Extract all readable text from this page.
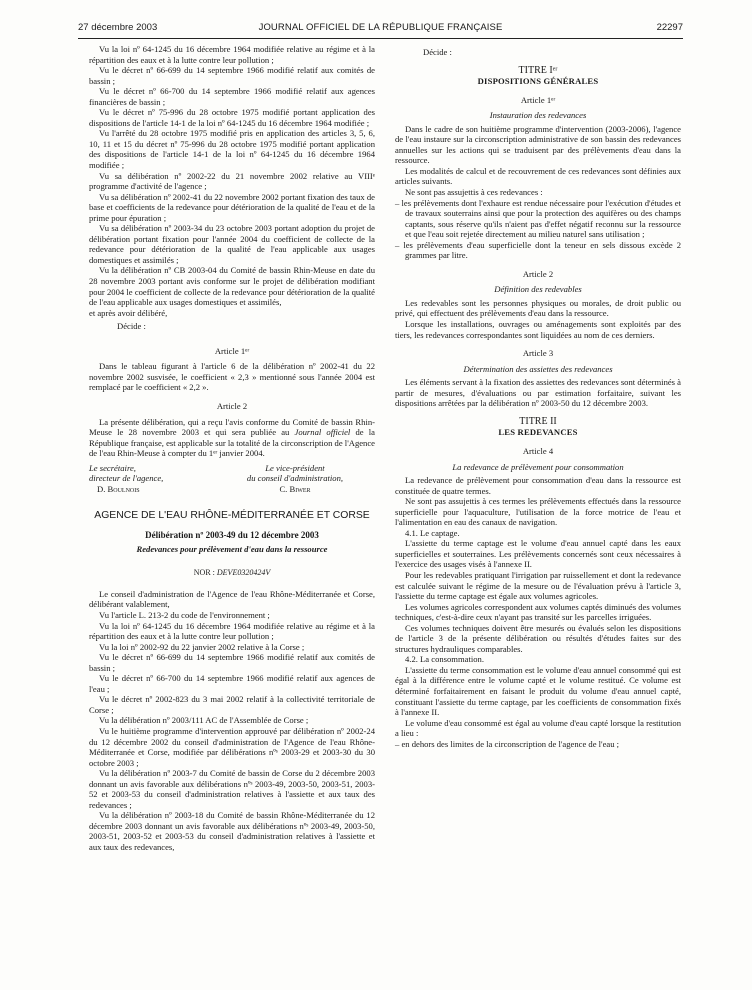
27 décembre 2003	JOURNAL OFFICIEL DE LA RÉPUBLIQUE FRANÇAISE	22297

Vu la loi nº 64-1245 du 16 décembre 1964 modifiée relative au régime et à la répartition des eaux et à la lutte contre leur pollution ;

Vu le décret nº 66-699 du 14 septembre 1966 modifié relatif aux comités de bassin ;

Vu le décret nº 66-700 du 14 septembre 1966 modifié relatif aux agences financières de bassin ;

Vu le décret nº 75-996 du 28 octobre 1975 modifié portant application des dispositions de l'article 14-1 de la loi nº 64-1245 du 16 décembre 1964 modifiée ;

Vu l'arrêté du 28 octobre 1975 modifié pris en application des articles 3, 5, 6, 10, 11 et 15 du décret nº 75-996 du 28 octobre 1975 modifié portant application des dispositions de l'article 14-1 de la loi nº 64-1245 du 16 décembre 1964 modifiée ;

Vu sa délibération nº 2002-22 du 21 novembre 2002 relative au VIIIᵉ programme d'activité de l'agence ;

Vu sa délibération nº 2002-41 du 22 novembre 2002 portant fixation des taux de base et coefficients de la redevance pour détérioration de la qualité de l'eau et de la prime pour épuration ;

Vu sa délibération nº 2003-34 du 23 octobre 2003 portant adoption du projet de délibération portant fixation pour l'année 2004 du coefficient de collecte de la redevance pour détérioration de la qualité de l'eau applicable aux usages domestiques et assimilés ;

Vu la délibération nº CB 2003-04 du Comité de bassin Rhin-Meuse en date du 28 novembre 2003 portant avis conforme sur le projet de délibération modifiant pour 2004 le coefficient de collecte de la redevance pour détérioration de la qualité de l'eau applicable aux usages domestiques et assimilés,

et après avoir délibéré,

Décide :

Article 1ᵉʳ

Dans le tableau figurant à l'article 6 de la délibération nº 2002-41 du 22 novembre 2002 susvisée, le coefficient « 2,3 » mentionné sous l'année 2004 est remplacé par le coefficient « 2,2 ».

Article 2

La présente délibération, qui a reçu l'avis conforme du Comité de bassin Rhin-Meuse le 28 novembre 2003 et qui sera publiée au Journal officiel de la République française, est applicable sur la totalité de la circonscription de l'Agence de l'eau Rhin-Meuse à compter du 1ᵉʳ janvier 2004.

Le secrétaire,
directeur de l'agence,
D. Boulnois
Le vice-président
du conseil d'administration,
C. Biwer

AGENCE DE L'EAU RHÔNE-MÉDITERRANÉE ET CORSE

Délibération nº 2003-49 du 12 décembre 2003

Redevances pour prélèvement d'eau dans la ressource

NOR : DEVE0320424V

Le conseil d'administration de l'Agence de l'eau Rhône-Méditerranée et Corse, délibérant valablement,

Vu l'article L. 213-2 du code de l'environnement ;

Vu la loi nº 64-1245 du 16 décembre 1964 modifiée relative au régime et à la répartition des eaux et à la lutte contre leur pollution ;

Vu la loi nº 2002-92 du 22 janvier 2002 relative à la Corse ;

Vu le décret nº 66-699 du 14 septembre 1966 modifié relatif aux comités de bassin ;

Vu le décret nº 66-700 du 14 septembre 1966 modifié relatif aux agences de l'eau ;

Vu le décret nº 2002-823 du 3 mai 2002 relatif à la collectivité territoriale de Corse ;

Vu la délibération nº 2003/111 AC de l'Assemblée de Corse ;

Vu le huitième programme d'intervention approuvé par délibération nº 2002-24 du 12 décembre 2002 du conseil d'administration de l'Agence de l'eau Rhône-Méditerranée et Corse, modifiée par délibérations nºˢ 2003-29 et 2003-30 du 30 octobre 2003 ;

Vu la délibération nº 2003-7 du Comité de bassin de Corse du 2 décembre 2003 donnant un avis favorable aux délibérations nºˢ 2003-49, 2003-50, 2003-51, 2003-52 et 2003-53 du conseil d'administration relatives à l'assiette et aux taux des redevances ;

Vu la délibération nº 2003-18 du Comité de bassin Rhône-Méditerranée du 12 décembre 2003 donnant un avis favorable aux délibérations nºˢ 2003-49, 2003-50, 2003-51, 2003-52 et 2003-53 du conseil d'administration relatives à l'assiette et aux taux des redevances,

Décide :

TITRE Iᵉʳ

DISPOSITIONS GÉNÉRALES

Article 1ᵉʳ

Instauration des redevances

Dans le cadre de son huitième programme d'intervention (2003-2006), l'agence de l'eau instaure sur la circonscription administrative de son bassin des redevances annuelles sur les actions qui se traduisent par des prélèvements d'eau dans la ressource.

Les modalités de calcul et de recouvrement de ces redevances sont définies aux articles suivants.

Ne sont pas assujettis à ces redevances :

– les prélèvements dont l'exhaure est rendue nécessaire pour l'exécution d'études et de travaux souterrains ainsi que pour la protection des aquifères ou des champs captants, sous réserve qu'ils n'aient pas d'effet négatif reconnu sur la ressource et que l'eau soit rejetée directement au milieu naturel sans utilisation ;

– les prélèvements d'eau superficielle dont la teneur en sels dissous excède 2 grammes par litre.

Article 2

Définition des redevables

Les redevables sont les personnes physiques ou morales, de droit public ou privé, qui effectuent des prélèvements d'eau dans la ressource.

Lorsque les installations, ouvrages ou aménagements sont exploités par des tiers, les redevances correspondantes sont liquidées au nom de ces derniers.

Article 3

Détermination des assiettes des redevances

Les éléments servant à la fixation des assiettes des redevances sont déterminés à partir de mesures, d'évaluations ou par estimation forfaitaire, suivant les dispositions arrêtées par la délibération nº 2003-50 du 12 décembre 2003.

TITRE II

LES REDEVANCES

Article 4

La redevance de prélèvement pour consommation

La redevance de prélèvement pour consommation d'eau dans la ressource est constituée de quatre termes.

Ne sont pas assujettis à ces termes les prélèvements effectués dans la ressource superficielle pour l'aquaculture, l'utilisation de la force motrice de l'eau et l'alimentation en eau des canaux de navigation.

4.1. Le captage.

L'assiette du terme captage est le volume d'eau annuel capté dans les eaux superficielles et souterraines. Les prélèvements concernés sont ceux nécessaires à l'exercice des usages visés à l'annexe II.

Pour les redevables pratiquant l'irrigation par ruissellement et dont la redevance est calculée suivant le régime de la mesure ou de l'évaluation prévu à l'article 3, l'assiette du terme captage est égale aux volumes agricoles.

Les volumes agricoles correspondent aux volumes captés diminués des volumes techniques, c'est-à-dire ceux n'ayant pas transité sur les parcelles irriguées.

Ces volumes techniques doivent être mesurés ou évalués selon les dispositions de l'article 3 de la présente délibération ou résultés d'études faites sur des structures hydrauliques comparables.

4.2. La consommation.

L'assiette du terme consommation est le volume d'eau annuel consommé qui est égal à la différence entre le volume capté et le volume restitué. Ce volume est déterminé forfaitairement en faisant le produit du volume d'eau annuel capté, constituant l'assiette du terme captage, par les coefficients de consommation fixés à l'annexe II.

Le volume d'eau consommé est égal au volume d'eau capté lorsque la restitution a lieu :

– en dehors des limites de la circonscription de l'agence de l'eau ;
